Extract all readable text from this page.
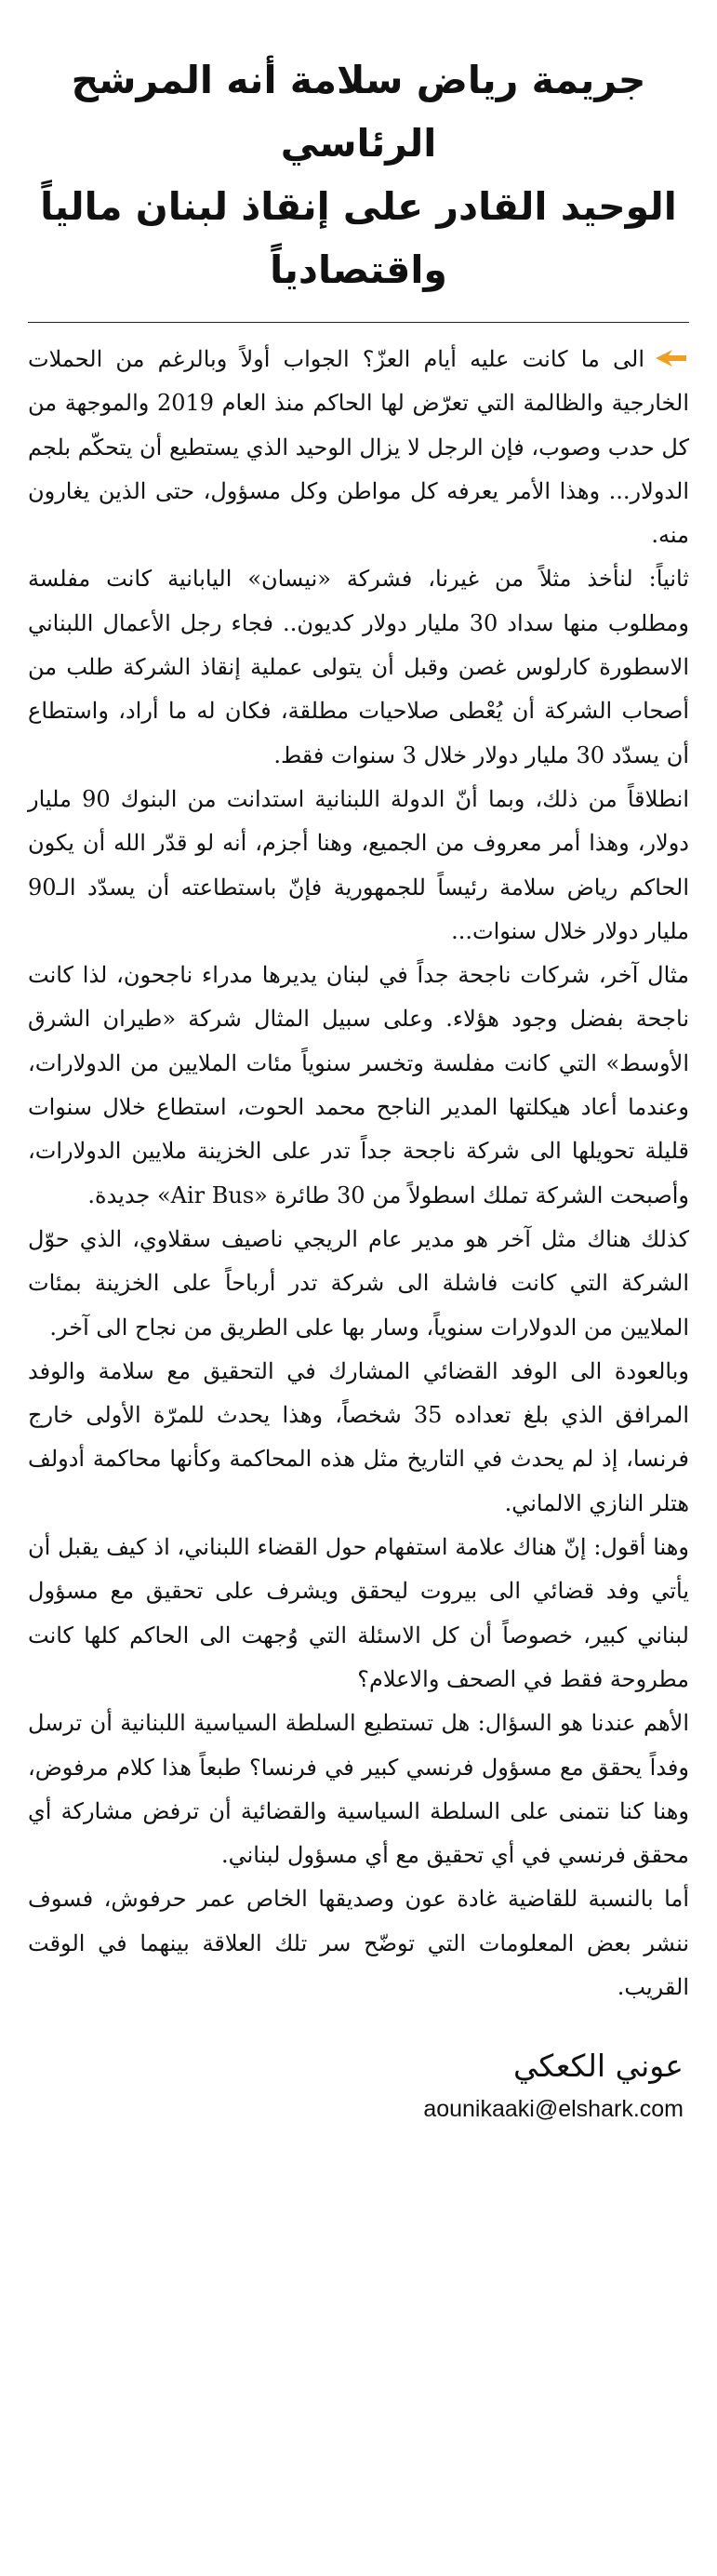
جريمة رياض سلامة أنه المرشح الرئاسي
الوحيد القادر على إنقاذ لبنان مالياً واقتصادياً

الى ما كانت عليه أيام العزّ؟ الجواب أولاً وبالرغم من الحملات الخارجية والظالمة التي تعرّض لها الحاكم منذ العام 2019 والموجهة من كل حدب وصوب، فإن الرجل لا يزال الوحيد الذي يستطيع أن يتحكّم بلجم الدولار... وهذا الأمر يعرفه كل مواطن وكل مسؤول، حتى الذين يغارون منه.

ثانياً: لنأخذ مثلاً من غيرنا، فشركة «نيسان» اليابانية كانت مفلسة ومطلوب منها سداد 30 مليار دولار كديون.. فجاء رجل الأعمال اللبناني الاسطورة كارلوس غصن وقبل أن يتولى عملية إنقاذ الشركة طلب من أصحاب الشركة أن يُعْطى صلاحيات مطلقة، فكان له ما أراد، واستطاع أن يسدّد 30 مليار دولار خلال 3 سنوات فقط.

انطلاقاً من ذلك، وبما أنّ الدولة اللبنانية استدانت من البنوك 90 مليار دولار، وهذا أمر معروف من الجميع، وهنا أجزم، أنه لو قدّر الله أن يكون الحاكم رياض سلامة رئيساً للجمهورية فإنّ باستطاعته أن يسدّد الـ90 مليار دولار خلال سنوات...

مثال آخر، شركات ناجحة جداً في لبنان يديرها مدراء ناجحون، لذا كانت ناجحة بفضل وجود هؤلاء. وعلى سبيل المثال شركة «طيران الشرق الأوسط» التي كانت مفلسة وتخسر سنوياً مئات الملايين من الدولارات، وعندما أعاد هيكلتها المدير الناجح محمد الحوت، استطاع خلال سنوات قليلة تحويلها الى شركة ناجحة جداً تدر على الخزينة ملايين الدولارات، وأصبحت الشركة تملك اسطولاً من 30 طائرة «Air Bus» جديدة.

كذلك هناك مثل آخر هو مدير عام الريجي ناصيف سقلاوي، الذي حوّل الشركة التي كانت فاشلة الى شركة تدر أرباحاً على الخزينة بمئات الملايين من الدولارات سنوياً، وسار بها على الطريق من نجاح الى آخر.

وبالعودة الى الوفد القضائي المشارك في التحقيق مع سلامة والوفد المرافق الذي بلغ تعداده 35 شخصاً، وهذا يحدث للمرّة الأولى خارج فرنسا، إذ لم يحدث في التاريخ مثل هذه المحاكمة وكأنها محاكمة أدولف هتلر النازي الالماني.

وهنا أقول: إنّ هناك علامة استفهام حول القضاء اللبناني، اذ كيف يقبل أن يأتي وفد قضائي الى بيروت ليحقق ويشرف على تحقيق مع مسؤول لبناني كبير، خصوصاً أن كل الاسئلة التي وُجهت الى الحاكم كلها كانت مطروحة فقط في الصحف والاعلام؟

الأهم عندنا هو السؤال: هل تستطيع السلطة السياسية اللبنانية أن ترسل وفداً يحقق مع مسؤول فرنسي كبير في فرنسا؟ طبعاً هذا كلام مرفوض، وهنا كنا نتمنى على السلطة السياسية والقضائية أن ترفض مشاركة أي محقق فرنسي في أي تحقيق مع أي مسؤول لبناني.

أما بالنسبة للقاضية غادة عون وصديقها الخاص عمر حرفوش، فسوف ننشر بعض المعلومات التي توضّح سر تلك العلاقة بينهما في الوقت القريب.

عوني الكعكي
aounikaaki@elshark.com
